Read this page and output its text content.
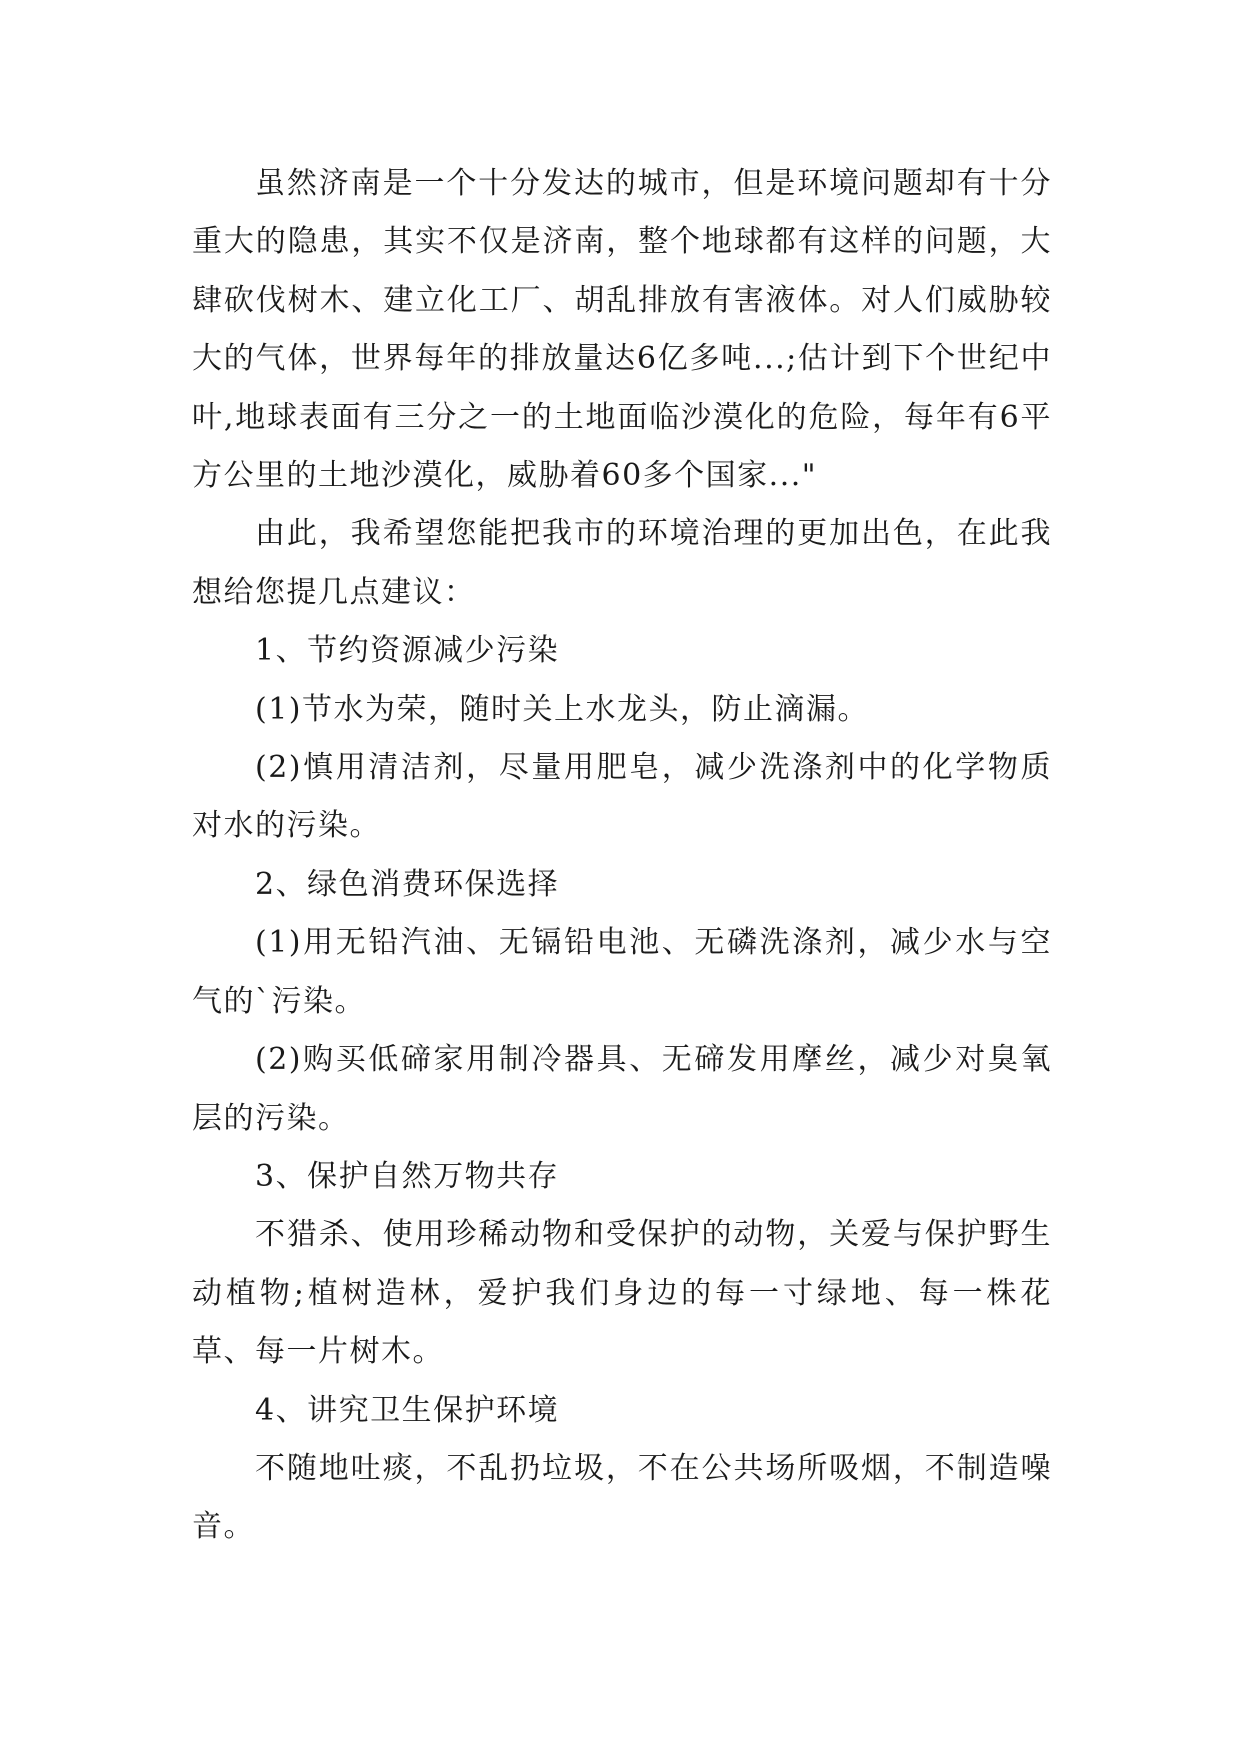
虽然济南是一个十分发达的城市，但是环境问题却有十分重大的隐患，其实不仅是济南，整个地球都有这样的问题，大肆砍伐树木、建立化工厂、胡乱排放有害液体。对人们威胁较大的气体，世界每年的排放量达6亿多吨...;估计到下个世纪中叶,地球表面有三分之一的土地面临沙漠化的危险，每年有6平方公里的土地沙漠化，威胁着60多个国家..."

由此，我希望您能把我市的环境治理的更加出色，在此我想给您提几点建议：

1、节约资源减少污染

(1)节水为荣，随时关上水龙头，防止滴漏。

(2)慎用清洁剂，尽量用肥皂，减少洗涤剂中的化学物质对水的污染。

2、绿色消费环保选择

(1)用无铅汽油、无镉铅电池、无磷洗涤剂，减少水与空气的`污染。

(2)购买低碲家用制冷器具、无碲发用摩丝，减少对臭氧层的污染。

3、保护自然万物共存

不猎杀、使用珍稀动物和受保护的动物，关爱与保护野生动植物;植树造林，爱护我们身边的每一寸绿地、每一株花草、每一片树木。

4、讲究卫生保护环境

不随地吐痰，不乱扔垃圾，不在公共场所吸烟，不制造噪音。
